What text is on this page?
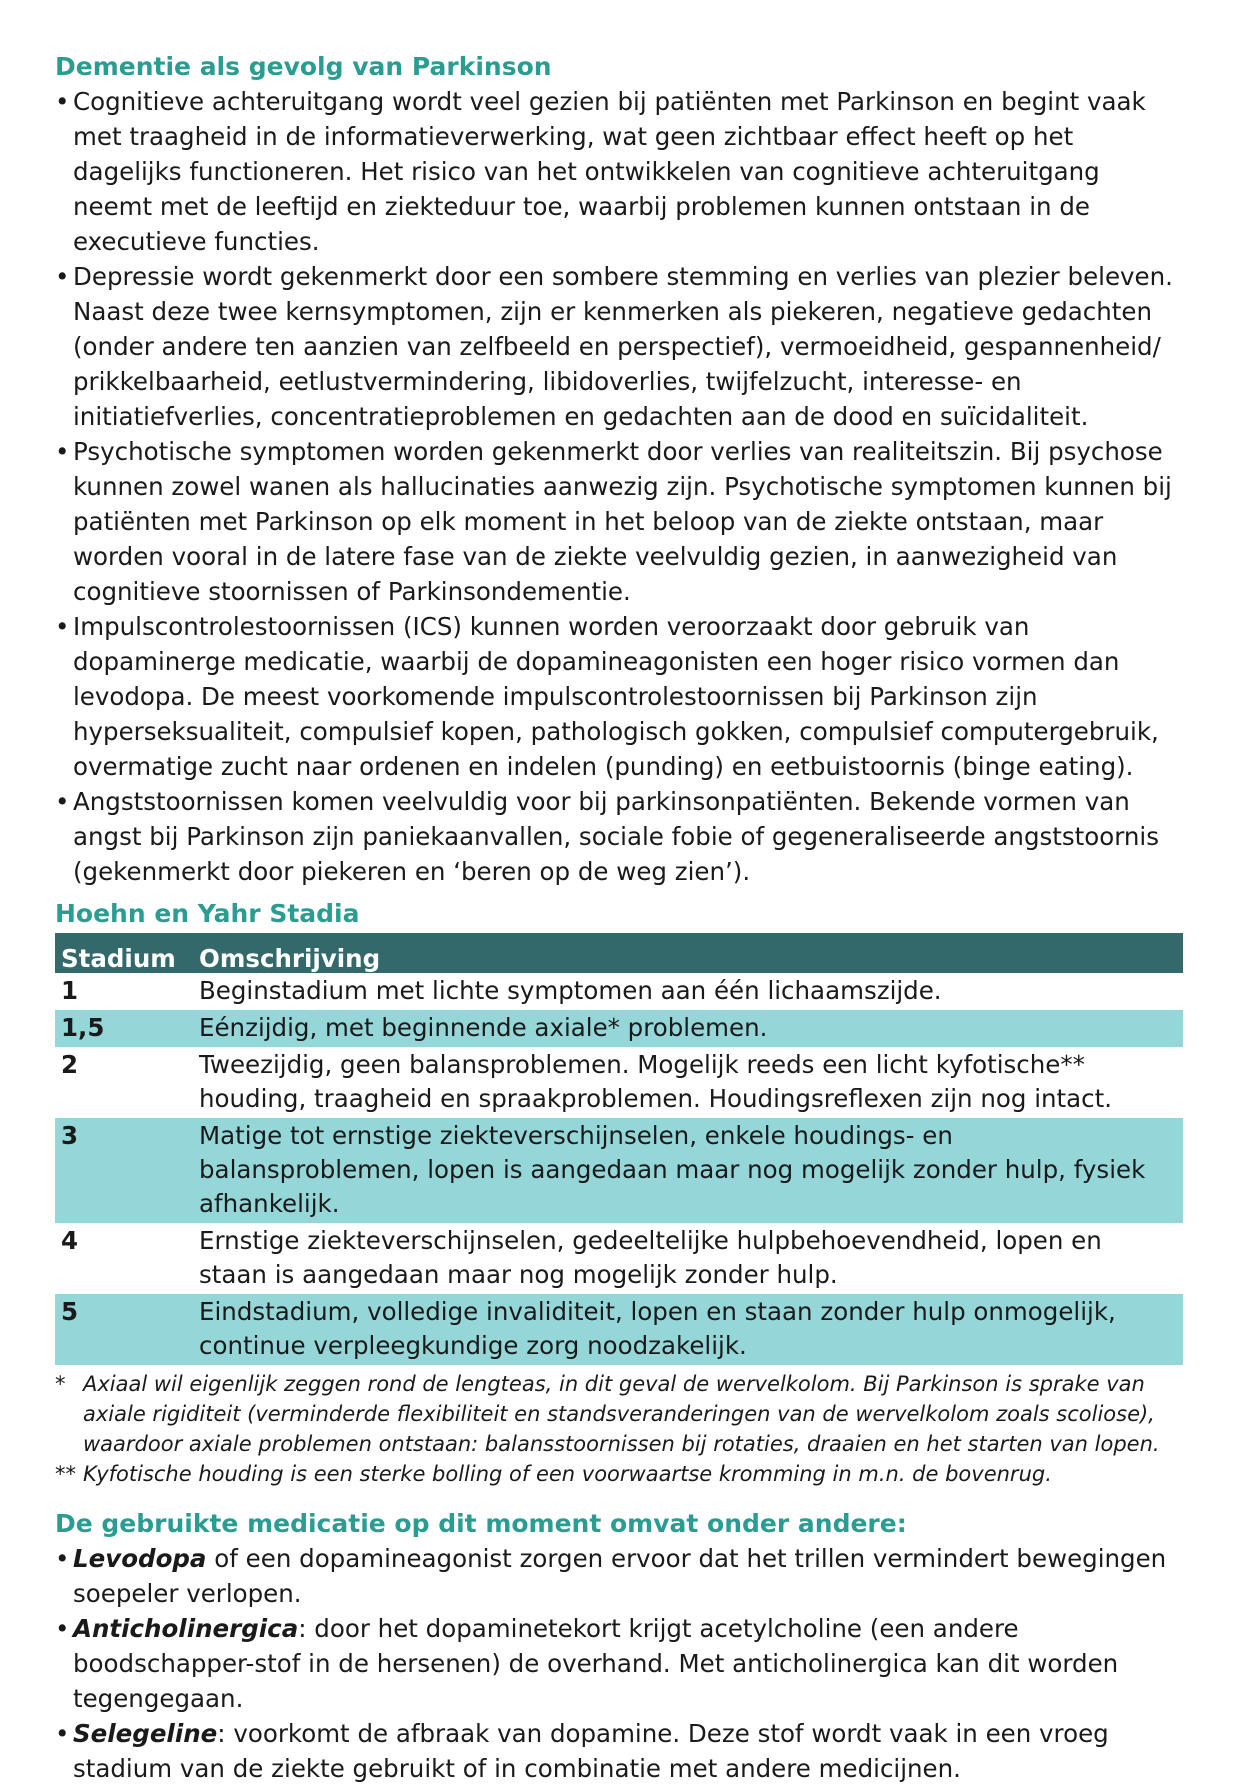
Dementie als gevolg van Parkinson
• Cognitieve achteruitgang wordt veel gezien bij patiënten met Parkinson en begint vaak met traagheid in de informatieverwerking, wat geen zichtbaar effect heeft op het dagelijks functioneren. Het risico van het ontwikkelen van cognitieve achteruitgang neemt met de leeftijd en ziekteduur toe, waarbij problemen kunnen ontstaan in de executieve functies.
• Depressie wordt gekenmerkt door een sombere stemming en verlies van plezier beleven. Naast deze twee kernsymptomen, zijn er kenmerken als piekeren, negatieve gedachten (onder andere ten aanzien van zelfbeeld en perspectief), vermoeidheid, gespannenheid/ prikkelbaarheid, eetlustvermindering, libidoverlies, twijfelzucht, interesse- en initiatiefverlies, concentratieproblemen en gedachten aan de dood en suïcidaliteit.
• Psychotische symptomen worden gekenmerkt door verlies van realiteitszin. Bij psychose kunnen zowel wanen als hallucinaties aanwezig zijn. Psychotische symptomen kunnen bij patiënten met Parkinson op elk moment in het beloop van de ziekte ontstaan, maar worden vooral in de latere fase van de ziekte veelvuldig gezien, in aanwezigheid van cognitieve stoornissen of Parkinsondementie.
• Impulscontrolestoornissen (ICS) kunnen worden veroorzaakt door gebruik van dopaminerge medicatie, waarbij de dopamineagonisten een hoger risico vormen dan levodopa. De meest voorkomende impulscontrolestoornissen bij Parkinson zijn hyperseksualiteit, compulsief kopen, pathologisch gokken, compulsief computergebruik, overmatige zucht naar ordenen en indelen (punding) en eetbuistoornis (binge eating).
• Angststoornissen komen veelvuldig voor bij parkinsonpatiënten. Bekende vormen van angst bij Parkinson zijn paniekaanvallen, sociale fobie of gegeneraliseerde angststoornis (gekenmerkt door piekeren en ‘beren op de weg zien’).
Hoehn en Yahr Stadia
Stadium	Omschrijving
1	Beginstadium met lichte symptomen aan één lichaamszijde.
1,5	Eénzijdig, met beginnende axiale* problemen.
2	Tweezijdig, geen balansproblemen. Mogelijk reeds een licht kyfotische** houding, traagheid en spraakproblemen. Houdingsreflexen zijn nog intact.
3	Matige tot ernstige ziekteverschijnselen, enkele houdings- en balansproblemen, lopen is aangedaan maar nog mogelijk zonder hulp, fysiek afhankelijk.
4	Ernstige ziekteverschijnselen, gedeeltelijke hulpbehoevendheid, lopen en staan is aangedaan maar nog mogelijk zonder hulp.
5	Eindstadium, volledige invaliditeit, lopen en staan zonder hulp onmogelijk, continue verpleegkundige zorg noodzakelijk.
* Axiaal wil eigenlijk zeggen rond de lengteas, in dit geval de wervelkolom. Bij Parkinson is sprake van axiale rigiditeit (verminderde flexibiliteit en standsveranderingen van de wervelkolom zoals scoliose), waardoor axiale problemen ontstaan: balansstoornissen bij rotaties, draaien en het starten van lopen.
** Kyfotische houding is een sterke bolling of een voorwaartse kromming in m.n. de bovenrug.
De gebruikte medicatie op dit moment omvat onder andere:
• Levodopa of een dopamineagonist zorgen ervoor dat het trillen vermindert bewegingen soepeler verlopen.
• Anticholinergica: door het dopaminetekort krijgt acetylcholine (een andere boodschapper-stof in de hersenen) de overhand. Met anticholinergica kan dit worden tegengegaan.
• Selegeline: voorkomt de afbraak van dopamine. Deze stof wordt vaak in een vroeg stadium van de ziekte gebruikt of in combinatie met andere medicijnen.
